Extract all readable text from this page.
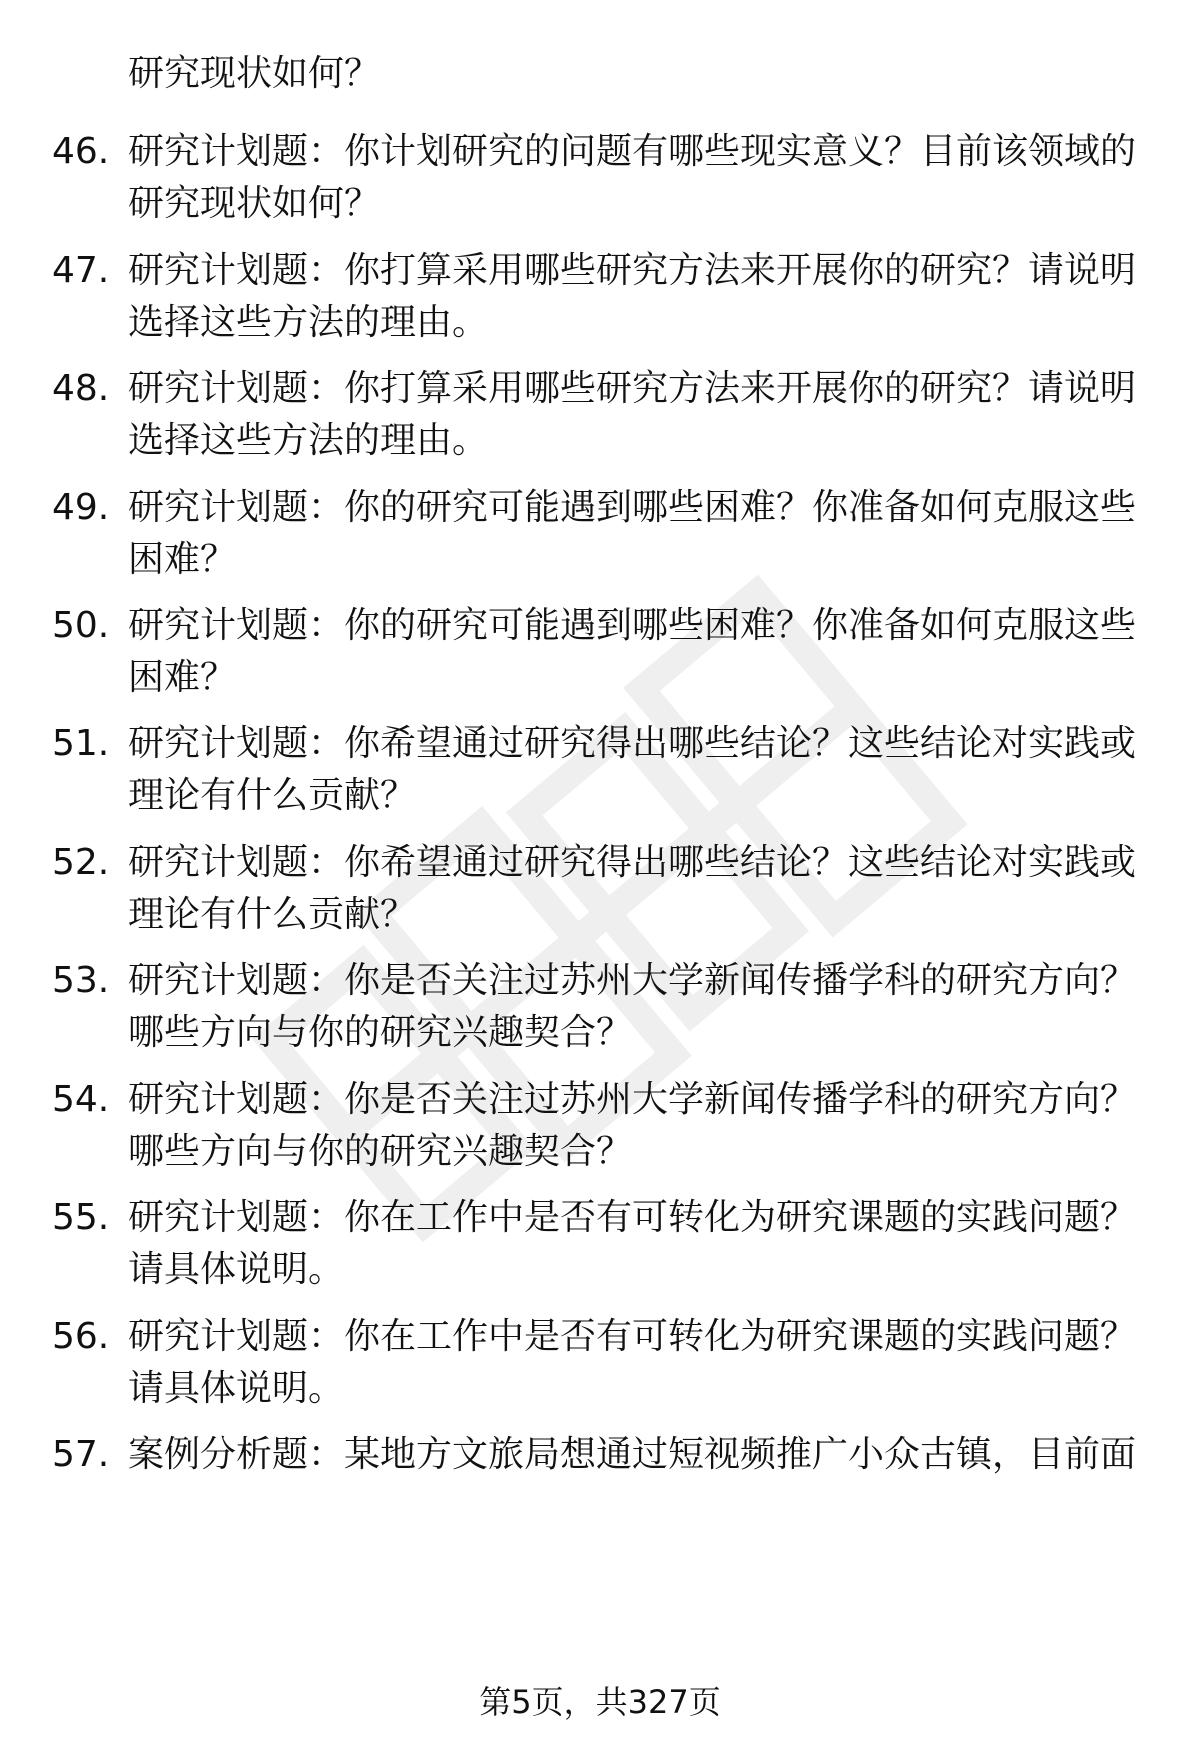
研究现状如何？
46. 研究计划题：你计划研究的问题有哪些现实意义？目前该领域的
研究现状如何？
47. 研究计划题：你打算采用哪些研究方法来开展你的研究？请说明
选择这些方法的理由。
48. 研究计划题：你打算采用哪些研究方法来开展你的研究？请说明
选择这些方法的理由。
49. 研究计划题：你的研究可能遇到哪些困难？你准备如何克服这些
困难？
50. 研究计划题：你的研究可能遇到哪些困难？你准备如何克服这些
困难？
51. 研究计划题：你希望通过研究得出哪些结论？这些结论对实践或
理论有什么贡献？
52. 研究计划题：你希望通过研究得出哪些结论？这些结论对实践或
理论有什么贡献？
53. 研究计划题：你是否关注过苏州大学新闻传播学科的研究方向？
哪些方向与你的研究兴趣契合？
54. 研究计划题：你是否关注过苏州大学新闻传播学科的研究方向？
哪些方向与你的研究兴趣契合？
55. 研究计划题：你在工作中是否有可转化为研究课题的实践问题？
请具体说明。
56. 研究计划题：你在工作中是否有可转化为研究课题的实践问题？
请具体说明。
57. 案例分析题：某地方文旅局想通过短视频推广小众古镇，目前面
第5页，共327页
